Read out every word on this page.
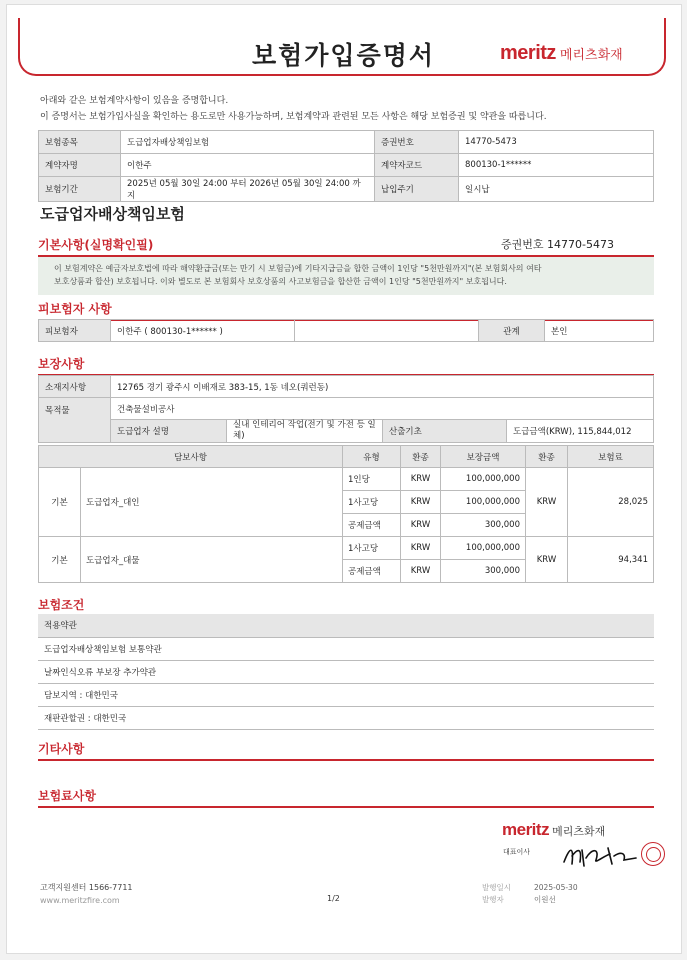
보험가입증명서	meritz 메리츠화재
아래와 같은 보험계약사항이 있음을 증명합니다.
이 증명서는 보험가입사실을 확인하는 용도로만 사용가능하며, 보험계약과 관련된 모든 사항은 해당 보험증권 및 약관을 따릅니다.
보험종목	도급업자배상책임보험	증권번호	14770-5473
계약자명	이한주	계약자코드	800130-1******
보험기간	2025년 05월 30일 24:00 부터 2026년 05월 30일 24:00 까지	납입주기	일시납
도급업자배상책임보험
기본사항(실명확인필)	증권번호 14770-5473
이 보험계약은 예금자보호법에 따라 해약환급금(또는 만기 시 보험금)에 기타지급금을 합한 금액이 1인당 "5천만원까지"(본 보험회사의 여타
보호상품과 합산) 보호됩니다. 이와 별도로 본 보험회사 보호상품의 사고보험금을 합산한 금액이 1인당 "5천만원까지" 보호됩니다.
피보험자 사항
피보험자	이한주 ( 800130-1****** )		관계	본인
보장사항
소재지사항	12765 경기 광주시 이배재로 383-15, 1동 네오(쿼런동)			
목적물	건축물설비공사			
	도급업자 설명	실내 인테리어 작업(전기 및 가전 등 일체)	산출기초	도급금액(KRW), 115,844,012
담보사항		유형	환종	보장금액	환종	보험료
기본	도급업자_대인	1인당	KRW	100,000,000	KRW	28,025
		1사고당	KRW	100,000,000		
		공제금액	KRW	300,000		
기본	도급업자_대물	1사고당	KRW	100,000,000	KRW	94,341
		공제금액	KRW	300,000		
보험조건
적용약관
도급업자배상책임보험 보통약관
날짜인식오류 부보장 추가약관
담보지역 : 대한민국
재판관할권 : 대한민국
기타사항
보험료사항
meritz 메리츠화재
대표이사
고객지원센터 1566-7711
www.meritzfire.com	1/2
발행일시	2025-05-30
발행자	이원선
